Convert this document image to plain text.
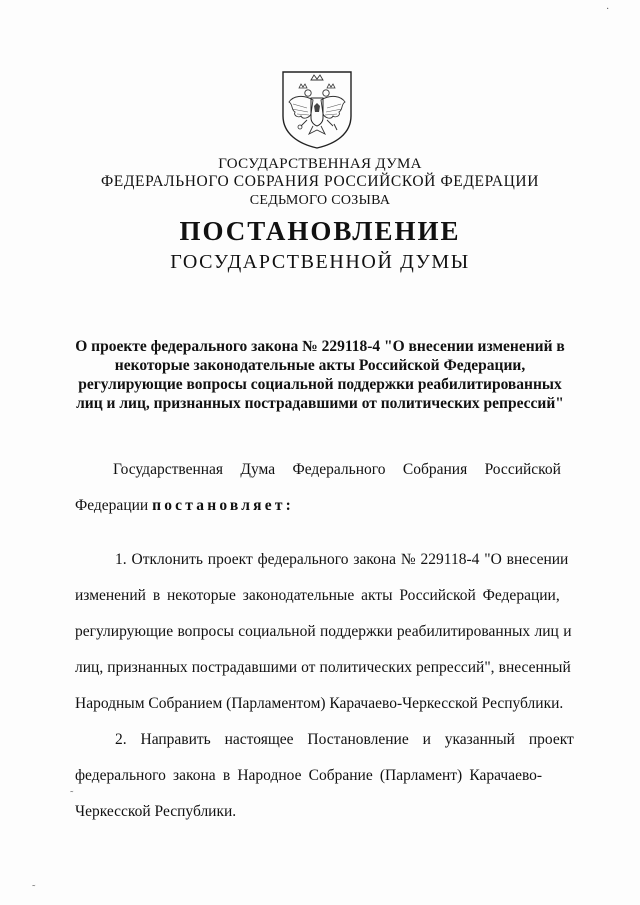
ГОСУДАРСТВЕННАЯ ДУМА
ФЕДЕРАЛЬНОГО СОБРАНИЯ РОССИЙСКОЙ ФЕДЕРАЦИИ
СЕДЬМОГО СОЗЫВА
ПОСТАНОВЛЕНИЕ
ГОСУДАРСТВЕННОЙ ДУМЫ
О проекте федерального закона № 229118-4 "О внесении изменений в
некоторые законодательные акты Российской Федерации,
регулирующие вопросы социальной поддержки реабилитированных
лиц и лиц, признанных пострадавшими от политических репрессий"
Государственная Дума Федерального Собрания Российской
Федерации постановляет:
1. Отклонить проект федерального закона № 229118-4 "О внесении
изменений в некоторые законодательные акты Российской Федерации,
регулирующие вопросы социальной поддержки реабилитированных лиц и
лиц, признанных пострадавшими от политических репрессий", внесенный
Народным Собранием (Парламентом) Карачаево-Черкесской Республики.
2. Направить настоящее Постановление и указанный проект
федерального закона в Народное Собрание (Парламент) Карачаево-
Черкесской Республики.
˜
˜
·
